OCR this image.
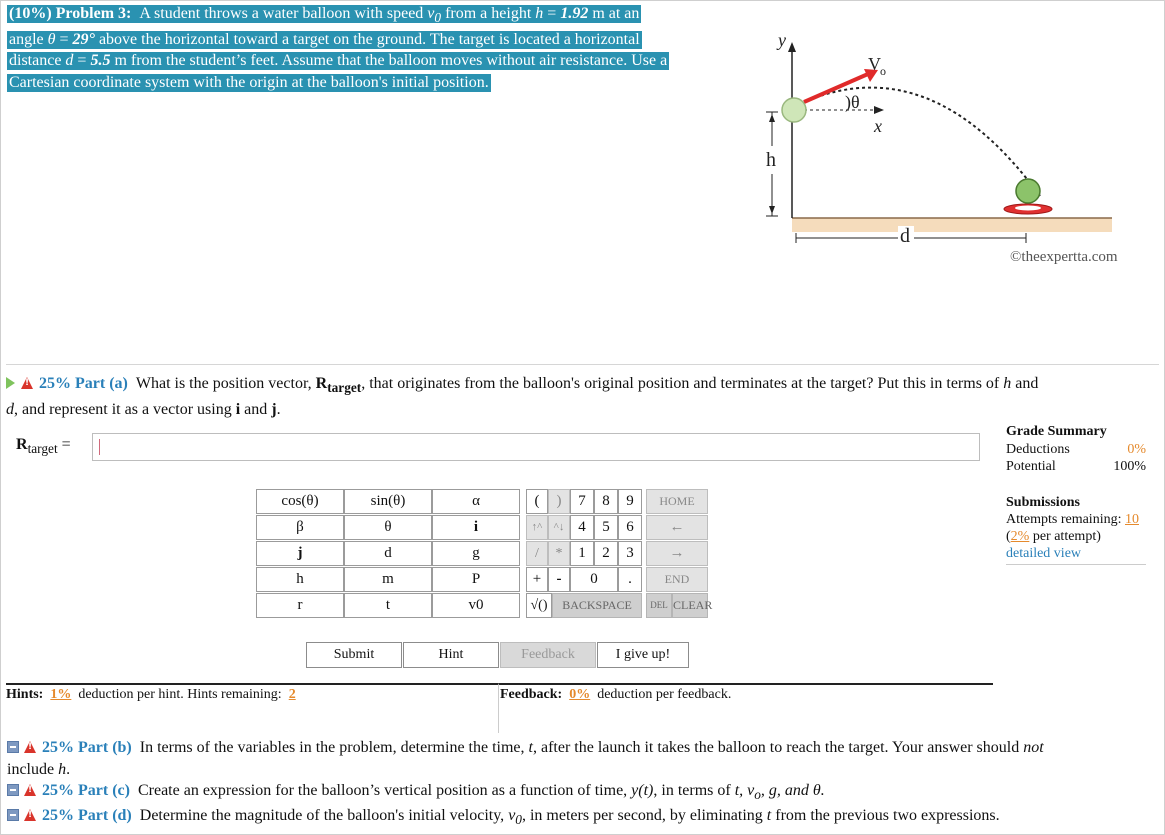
(10%) Problem 3: A student throws a water balloon with speed $v_0$ from a height h = 1.92 m at an
angle θ = 29° above the horizontal toward a target on the ground. The target is located a horizontal
distance d = 5.5 m from the student’s feet. Assume that the balloon moves without air resistance. Use a
Cartesian coordinate system with the origin at the balloon's initial position.
y
x
V o
)θ
h
d
©theexpertta.com
!25% Part (a) What is the position vector, $R_{target}$, that originates from the balloon's original position and terminates at the target? Put this in terms of h and
d, and represent it as a vector using i and j.
$R_{target}$ =
cos(θ)	sin(θ)	α
β	θ	i
j	d	g
h	m	P
r	t	v0
(	)	7	8	9	HOME
↑^	^↓ 4	5	6	←
/	*	1	2	3	→
+	-	0	.	END
√()	BACKSPACE	DEL CLEAR
Submit	Hint	Feedback	I give up!
Hints: 1% deduction per hint. Hints remaining: 2	Feedback: 0% deduction per feedback.
Grade Summary
Deductions	0%
Potential	100%
Submissions
Attempts remaining: 10
(2% per attempt)
detailed view
!25% Part (b) In terms of the variables in the problem, determine the time, t, after the launch it takes the balloon to reach the target. Your answer should not
include h.
!25% Part (c) Create an expression for the balloon’s vertical position as a function of time, y(t), in terms of t, $v_o$, g, and θ.
!25% Part (d) Determine the magnitude of the balloon's initial velocity, $v_0$, in meters per second, by eliminating t from the previous two expressions.
